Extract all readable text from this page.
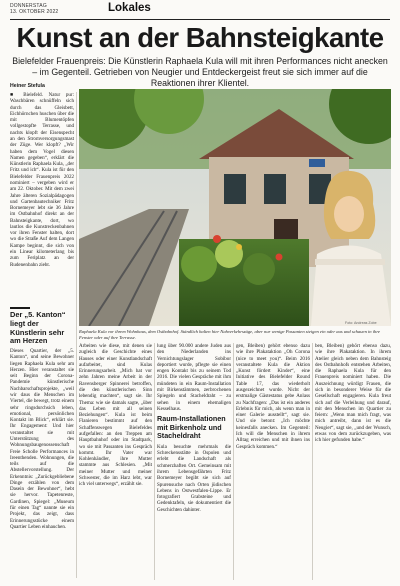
DONNERSTAG
13. OKTOBER 2022	Lokales
Kunst an der Bahnsteigkante

Bielefelder Frauenpreis: Die Künstlerin Raphaela Kula will mit ihren Performances nicht anecken – im Gegenteil. Getrieben von Neugier und Entdeckergeist freut sie sich immer auf die Reaktionen ihrer Klientel.

Heiner Stefula

■ Bielefeld. Natur pur: Waschbären schnüffeln sich durch das Gleisbett, Eichhörnchen huschen über die mit Blumentöpfen vollgestopfte Terrasse, und nachts klopft der Eisenspecht an den Stromversorgungsmast der Züge. Wer klopft? „Wir haben dem Vogel diesen Namen gegeben“, erklärt die Künstlerin Raphaela Kula, „der Fritz und ich“. Kula ist für den Bielefelder Frauenpreis 2022 nominiert – vergeben wird er am 22. Oktober. Mit dem zwei Jahre älteren Sozialpädagogen und Gartenbautechniker Fritz Bornemeyer lebt sie 36 Jahre im Ostbahnhof direkt an der Bahnsteigkante, dort, wo lautlos die Kunstreckenbahnen vor ihren Fenster halten, dort wo die Straße Auf dem Langen Kampe beginnt, die sich von ein Linear kilometerlang bis zum Feriplatz an der Rudenenbahn zieht.

Foto: Andreas Zobe
Raphaela Kula vor ihrem Wohnhaus, dem Ostbahnhof. Ständlich halten hier Nahverkehrszüge, aber nur wenige Passanten steigen ein oder aus und schauen in ihre Fenster oder auf ihre Terrasse.
Der „5. Kanton“ liegt der Künstlerin sehr am Herzen

Dieses Quartier, der „5. Kanton“, und seine Bewohner liegen Raphaela Kula sehr am Herzen. Hier veranstaltet sie seit Beginn der Corona-Pandemie künstlerische Nachbarschaftsprojekte, „weil wir daus die Menschen im Viertel, die bewegt, trotz einem sehr ringsdurchsich leben, emotional, persönlichen Kontakt im Blick“, erklärt sie. Ihr Engagement: Und hier veranstaltet sie mit Unterstützung des Wohnungsbaugenossenschaft Freie Scholle Performances in Ireenthenden. Wohnungen, die teils auf die Abstellervorstellung. Der Erkenntnis: „Zurückgebliebene Dinge erzählen von dem Dasein der Bewohner“, hebt sie hervor. Tapetenreste, Gardinen, Spiegel: „Museum für einen Tag“ nannte sie ein Projekt, das zeigt, dass Erinnerungsstücke einem Quartier Leben einhauchen.

Arbeiten wie diese, mit denen sie zugleich die Geschichte eines Hauses oder einer Kunstlandschaft aufarbeitet, sind Kulas Erinnerungsarbeit. „Mich hat vor zehn Jahren meine Arbeit in der Ravensberger Spinnerei betroffen, die den künstlerischen Sinn lebendig machten“, sagt sie. Ihr Thema: wie sie damals sagte, „über das Leben mit all seinen Beziehungen“. Kula ist beim Flanieren bestimmt auf den Schaffenswegen Bielefeldes aufgefallen: an den Treppen am Hauptbahnhof oder im Stadtpark, wo sie mit Passanten ins Gespräch kommt. Ihr Vater war Kohlenhändler, ihre Mutter stammte aus Schlesien. „Mit meiner Mutter und meiner Schwester, die im Harz lebt, war ich viel unterwegs“, erzählt sie.

lung über 90.000 andere Juden aus den Niederlanden ins Vernichtungslager Sobibor deportiert wurde, pflegte sie einen engen Kontakt bis zu seinem Tod 2016. Die vielen Gespräche mit ihm mündeten in ein Raum-Installation mit Birkenstämmen, zerbrochenen Spiegeln und Stacheldraht – zu sehen in einem ehemaligen Kesselhaus.

Raum-Installationen mit Birkenholz und Stacheldraht

Kula besuchte mehrmals die Schreckensstätte in Ospolen und erlebt die Landschaft als schmerzhaften Ort. Gemeinsam mit ihrem Lebensgefährten Fritz Bornemeyer begibt sie sich auf Spurensuche nach Orten jüdischen Lebens in Ostwestfalen-Lippe. Er fotografiert Grabsteine und Gedenktafeln, sie dokumentiert die Geschichten dahinter.

gen, Bleiben) gehört ebenso dazu wie ihre Plakataktion „Oh Corona (nice to meet you)“. Beim 2016 veranstaltete Kula die Aktion „Kunst fördert Kinder“, eine Initiative des Bielefelder Round Table 17, das wiederholt ausgezeichnet wurde. Nicht der erstmalige Gästestatus gebe Anlass zu Nachfragen: „Das ist ein anderes Erlebnis für mich, als wenn man in einer Galerie ausstellt“, sagt sie. Und sie betont: „Ich möchte keinesfalls anecken. Im Gegenteil: Ich will die Menschen in ihrem Alltag erreichen und mit ihnen ins Gespräch kommen.“

ben, Bleiben) gehört ebenso dazu, wie ihre Plakataktion. In ihrem Atelier gleich neben dem Bahnsteig des Ostbahnhofs entstehen Arbeiten, die Raphaela Kula für den Frauenpreis nominiert haben. Die Auszeichnung würdigt Frauen, die sich in besonderer Weise für die Gesellschaft engagieren. Kula freut sich auf die Verleihung und darauf, mit den Menschen im Quartier zu feiern: „Wenn man mich fragt, was mich antreibt, dann ist es die Neugier“, sagt sie, „und der Wunsch, etwas von dem zurückzugeben, was ich hier gefunden habe.“
